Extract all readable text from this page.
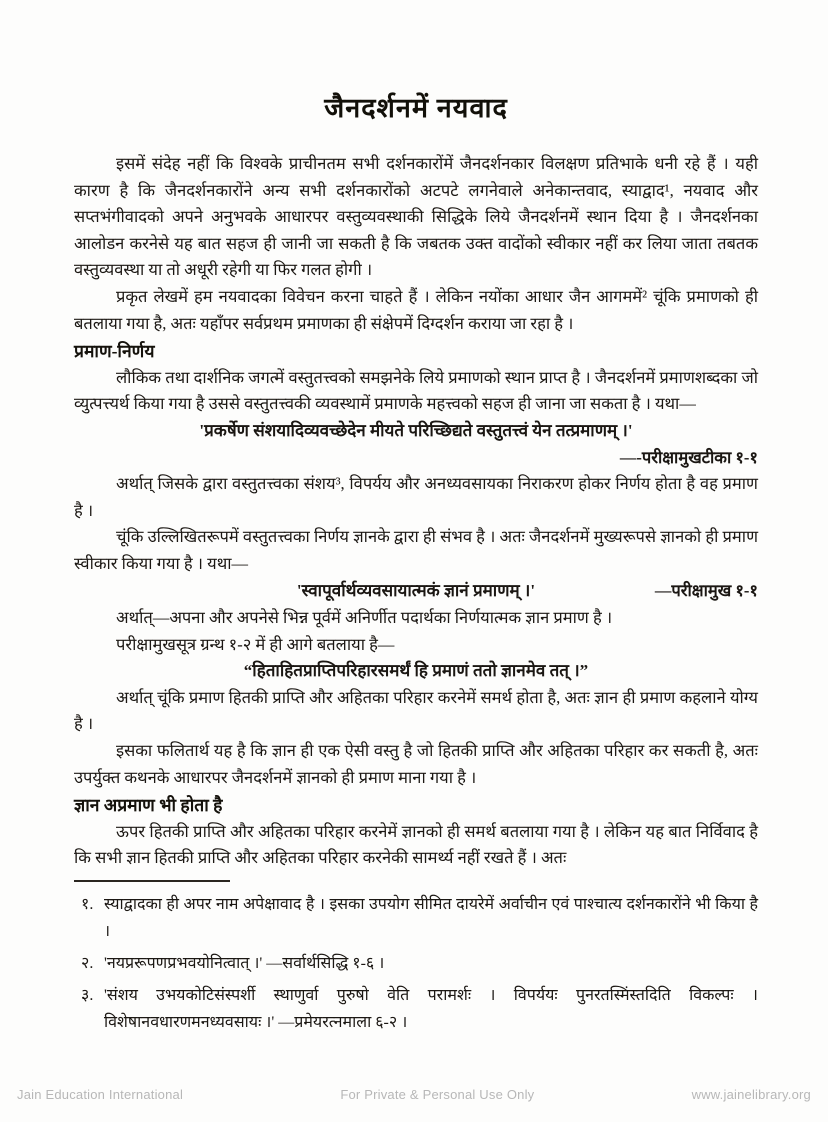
जैनदर्शनमें नयवाद

इसमें संदेह नहीं कि विश्वके प्राचीनतम सभी दर्शनकारोंमें जैनदर्शनकार विलक्षण प्रतिभाके धनी रहे हैं । यही कारण है कि जैनदर्शनकारोंने अन्य सभी दर्शनकारोंको अटपटे लगनेवाले अनेकान्तवाद, स्याद्वाद¹, नयवाद और सप्तभंगीवादको अपने अनुभवके आधारपर वस्तुव्यवस्थाकी सिद्धिके लिये जैनदर्शनमें स्थान दिया है । जैनदर्शनका आलोडन करनेसे यह बात सहज ही जानी जा सकती है कि जबतक उक्त वादोंको स्वीकार नहीं कर लिया जाता तबतक वस्तुव्यवस्था या तो अधूरी रहेगी या फिर गलत होगी ।

प्रकृत लेखमें हम नयवादका विवेचन करना चाहते हैं । लेकिन नयोंका आधार जैन आगममें² चूंकि प्रमाणको ही बतलाया गया है, अतः यहाँपर सर्वप्रथम प्रमाणका ही संक्षेपमें दिग्दर्शन कराया जा रहा है ।

प्रमाण-निर्णय

लौकिक तथा दार्शनिक जगत्में वस्तुतत्त्वको समझनेके लिये प्रमाणको स्थान प्राप्त है । जैनदर्शनमें प्रमाणशब्दका जो व्युत्पत्त्यर्थ किया गया है उससे वस्तुतत्त्वकी व्यवस्थामें प्रमाणके महत्त्वको सहज ही जाना जा सकता है । यथा—

'प्रकर्षेण संशयादिव्यवच्छेदेन मीयते परिच्छिद्यते वस्तुतत्त्वं येन तत्प्रमाणम् ।'
—-परीक्षामुखटीका १-१

अर्थात् जिसके द्वारा वस्तुतत्त्वका संशय³, विपर्यय और अनध्यवसायका निराकरण होकर निर्णय होता है वह प्रमाण है ।

चूंकि उल्लिखितरूपमें वस्तुतत्त्वका निर्णय ज्ञानके द्वारा ही संभव है । अतः जैनदर्शनमें मुख्यरूपसे ज्ञानको ही प्रमाण स्वीकार किया गया है । यथा—

'स्वापूर्वार्थव्यवसायात्मकं ज्ञानं प्रमाणम् ।'	—परीक्षामुख १-१

अर्थात्—अपना और अपनेसे भिन्न पूर्वमें अनिर्णीत पदार्थका निर्णयात्मक ज्ञान प्रमाण है ।

परीक्षामुखसूत्र ग्रन्थ १-२ में ही आगे बतलाया है—

“हिताहितप्राप्तिपरिहारसमर्थं हि प्रमाणं ततो ज्ञानमेव तत् ।”

अर्थात् चूंकि प्रमाण हितकी प्राप्ति और अहितका परिहार करनेमें समर्थ होता है, अतः ज्ञान ही प्रमाण कहलाने योग्य है ।

इसका फलितार्थ यह है कि ज्ञान ही एक ऐसी वस्तु है जो हितकी प्राप्ति और अहितका परिहार कर सकती है, अतः उपर्युक्त कथनके आधारपर जैनदर्शनमें ज्ञानको ही प्रमाण माना गया है ।

ज्ञान अप्रमाण भी होता है

ऊपर हितकी प्राप्ति और अहितका परिहार करनेमें ज्ञानको ही समर्थ बतलाया गया है । लेकिन यह बात निर्विवाद है कि सभी ज्ञान हितकी प्राप्ति और अहितका परिहार करनेकी सामर्थ्य नहीं रखते हैं । अतः

१. स्याद्वादका ही अपर नाम अपेक्षावाद है । इसका उपयोग सीमित दायरेमें अर्वाचीन एवं पाश्चात्य दर्शनकारोंने भी किया है ।
२. 'नयप्ररूपणप्रभवयोनित्वात् ।' —सर्वार्थसिद्धि १-६ ।
३. 'संशय उभयकोटिसंस्पर्शी स्थाणुर्वा पुरुषो वेति परामर्शः । विपर्ययः पुनरतस्मिंस्तदिति विकल्पः । विशेषानवधारणमनध्यवसायः ।' —प्रमेयरत्नमाला ६-२ ।
Jain Education International	For Private & Personal Use Only	www.jainelibrary.org
